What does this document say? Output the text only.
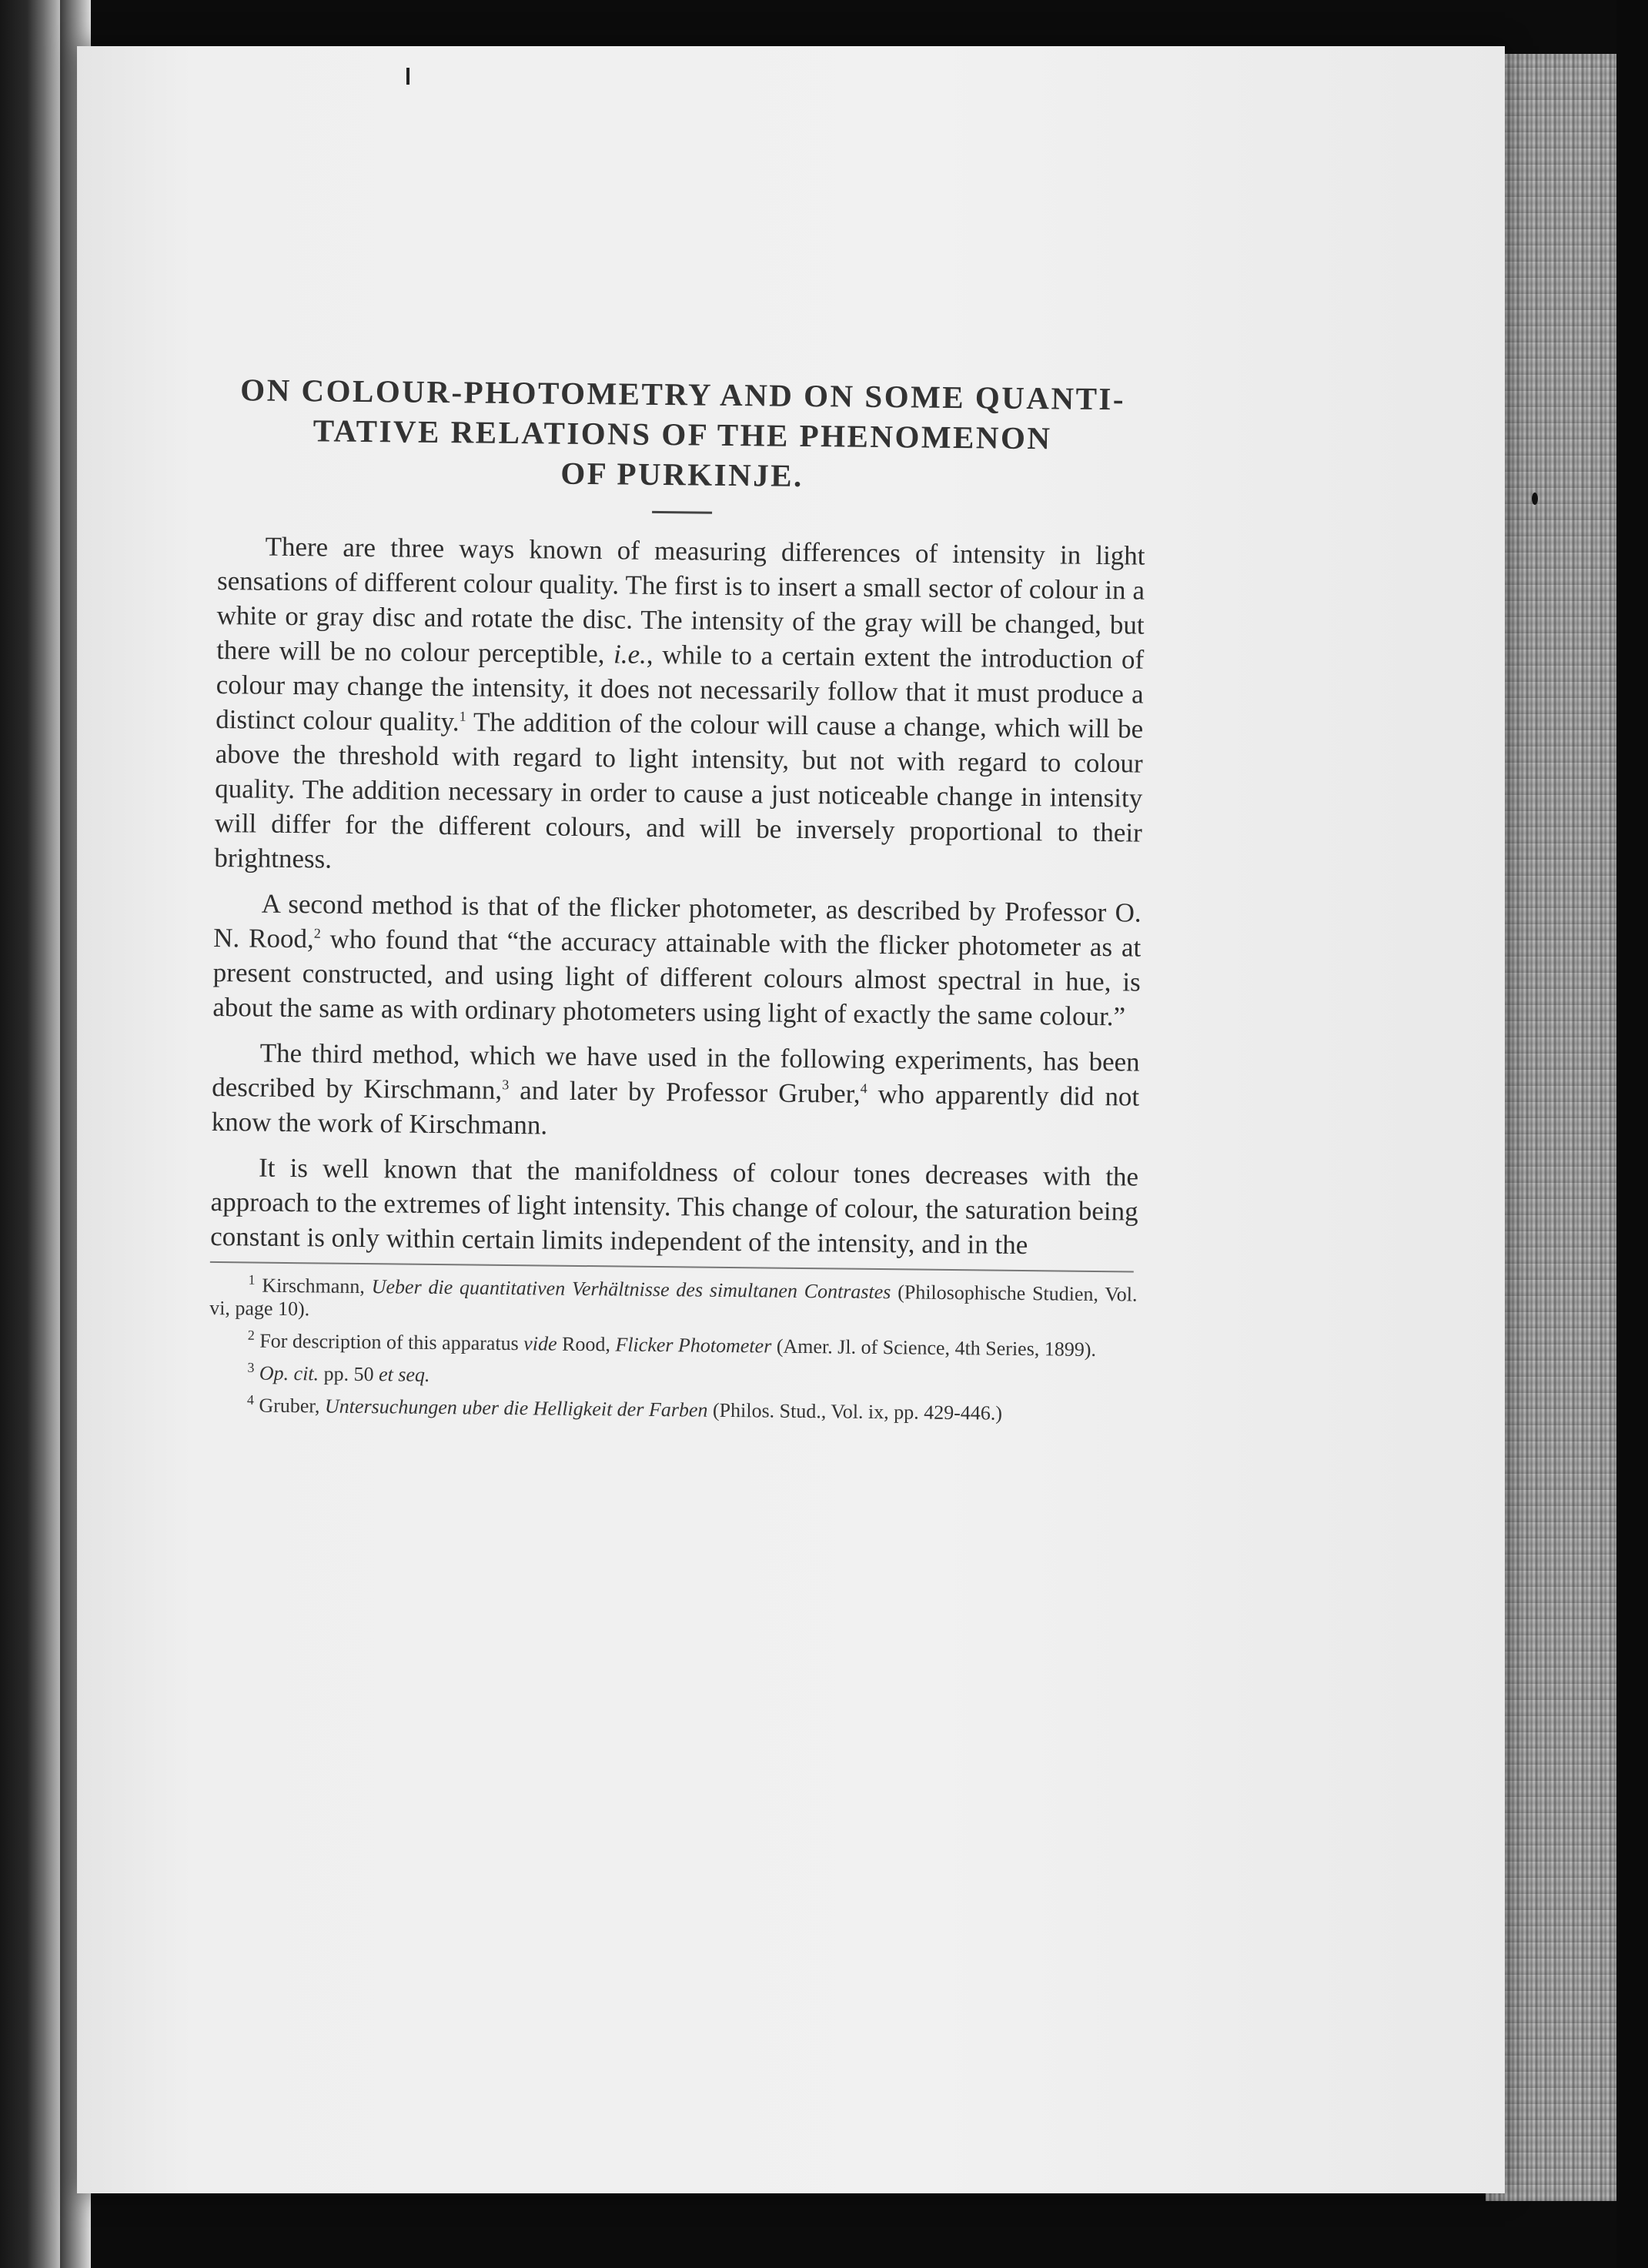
ON COLOUR-PHOTOMETRY AND ON SOME QUANTI-
TATIVE RELATIONS OF THE PHENOMENON
OF PURKINJE.

There are three ways known of measuring differences of intensity in light sensations of different colour quality. The first is to insert a small sector of colour in a white or gray disc and rotate the disc. The intensity of the gray will be changed, but there will be no colour perceptible, i.e., while to a certain extent the introduction of colour may change the intensity, it does not necessarily follow that it must produce a distinct colour quality.$^1$ The addition of the colour will cause a change, which will be above the threshold with regard to light intensity, but not with regard to colour quality. The addition necessary in order to cause a just noticeable change in intensity will differ for the different colours, and will be inversely proportional to their brightness.

A second method is that of the flicker photometer, as described by Professor O. N. Rood,$^2$ who found that “the accuracy attainable with the flicker photometer as at present constructed, and using light of different colours almost spectral in hue, is about the same as with ordinary photometers using light of exactly the same colour.”

The third method, which we have used in the following experiments, has been described by Kirschmann,$^3$ and later by Professor Gruber,$^4$ who apparently did not know the work of Kirschmann.

It is well known that the manifoldness of colour tones decreases with the approach to the extremes of light intensity. This change of colour, the saturation being constant is only within certain limits independent of the intensity, and in the

$^1$ Kirschmann, Ueber die quantitativen Verhältnisse des simultanen Contrastes (Philosophische Studien, Vol. vi, page 10).

$^2$ For description of this apparatus vide Rood, Flicker Photometer (Amer. Jl. of Science, 4th Series, 1899).

$^3$ Op. cit. pp. 50 et seq.

$^4$ Gruber, Untersuchungen uber die Helligkeit der Farben (Philos. Stud., Vol. ix, pp. 429-446.)
